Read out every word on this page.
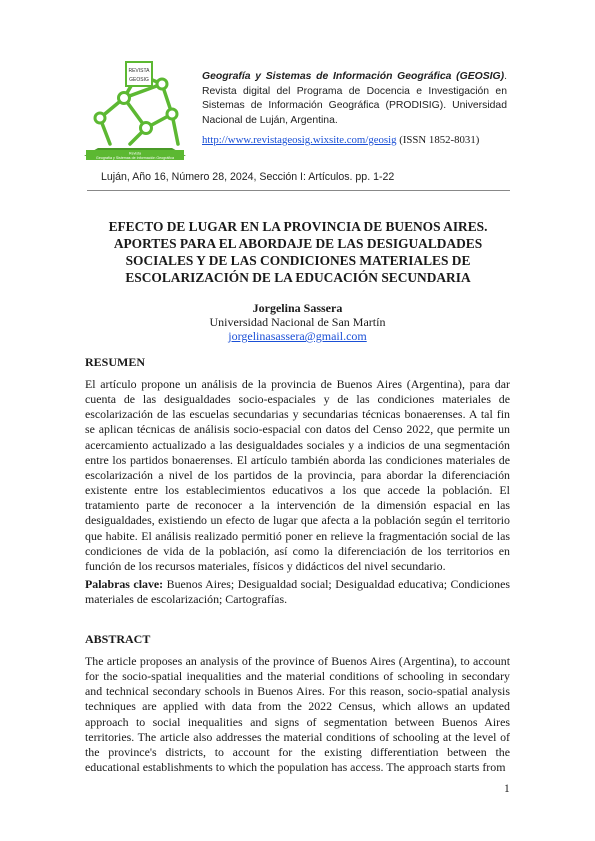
REVISTA
GEOSIG
Revista
Geografía y Sistemas de Información Geográfica
Geografía y Sistemas de Información Geográfica (GEOSIG). Revista digital del Programa de Docencia e Investigación en Sistemas de Información Geográfica (PRODISIG). Universidad Nacional de Luján, Argentina.
http://www.revistageosig.wixsite.com/geosig (ISSN 1852-8031)
Luján, Año 16, Número 28, 2024, Sección I: Artículos. pp. 1-22
EFECTO DE LUGAR EN LA PROVINCIA DE BUENOS AIRES.
APORTES PARA EL ABORDAJE DE LAS DESIGUALDADES
SOCIALES Y DE LAS CONDICIONES MATERIALES DE
ESCOLARIZACIÓN DE LA EDUCACIÓN SECUNDARIA
Jorgelina Sassera
Universidad Nacional de San Martín
jorgelinasassera@gmail.com
RESUMEN
El artículo propone un análisis de la provincia de Buenos Aires (Argentina), para dar cuenta de las desigualdades socio-espaciales y de las condiciones materiales de escolarización de las escuelas secundarias y secundarias técnicas bonaerenses. A tal fin se aplican técnicas de análisis socio-espacial con datos del Censo 2022, que permite un acercamiento actualizado a las desigualdades sociales y a indicios de una segmentación entre los partidos bonaerenses. El artículo también aborda las condiciones materiales de escolarización a nivel de los partidos de la provincia, para abordar la diferenciación existente entre los establecimientos educativos a los que accede la población. El tratamiento parte de reconocer a la intervención de la dimensión espacial en las desigualdades, existiendo un efecto de lugar que afecta a la población según el territorio que habite. El análisis realizado permitió poner en relieve la fragmentación social de las condiciones de vida de la población, así como la diferenciación de los territorios en función de los recursos materiales, físicos y didácticos del nivel secundario.
Palabras clave: Buenos Aires; Desigualdad social; Desigualdad educativa; Condiciones materiales de escolarización; Cartografías.
ABSTRACT
The article proposes an analysis of the province of Buenos Aires (Argentina), to account for the socio-spatial inequalities and the material conditions of schooling in secondary and technical secondary schools in Buenos Aires. For this reason, socio-spatial analysis techniques are applied with data from the 2022 Census, which allows an updated approach to social inequalities and signs of segmentation between Buenos Aires territories. The article also addresses the material conditions of schooling at the level of the province's districts, to account for the existing differentiation between the educational establishments to which the population has access. The approach starts from
1
